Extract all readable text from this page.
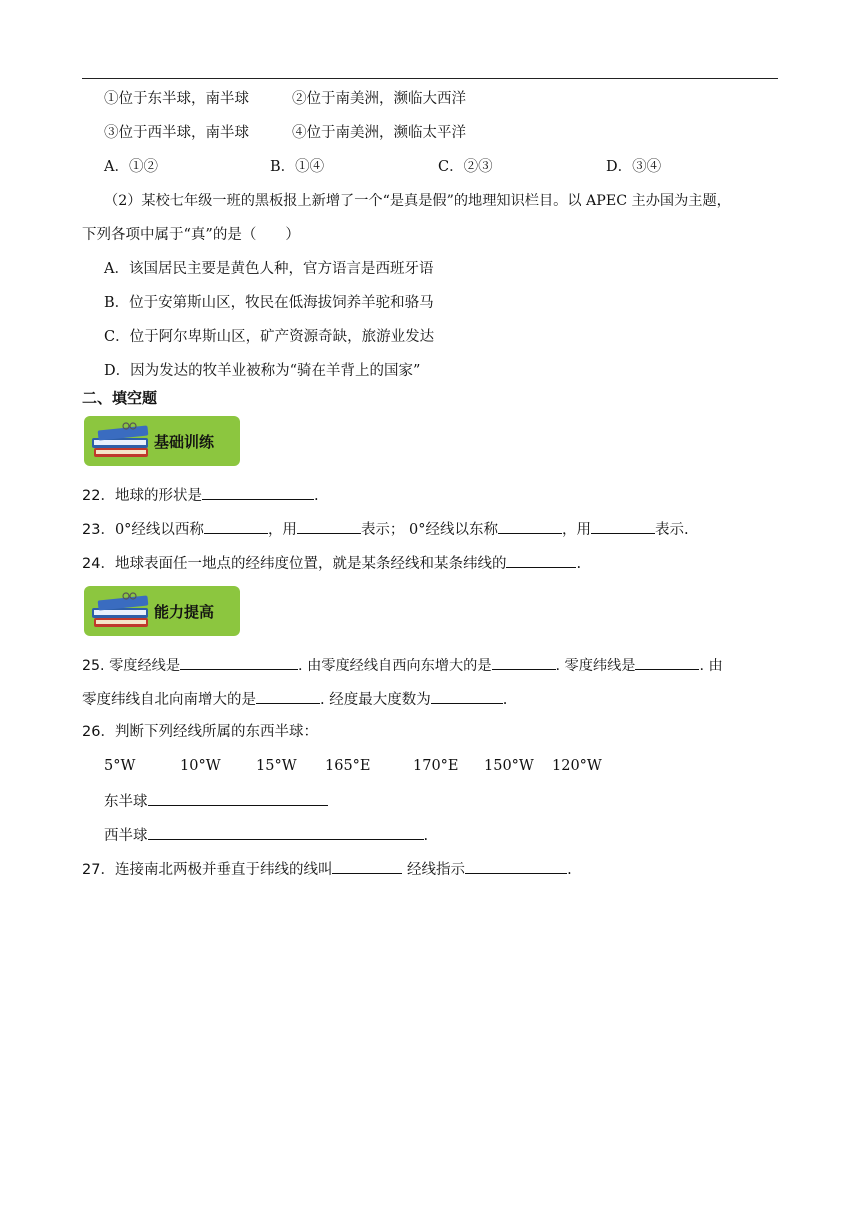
①位于东半球，南半球	②位于南美洲，濒临大西洋
③位于西半球，南半球	④位于南美洲，濒临太平洋
A．①②	B．①④	C．②③	D．③④
（2）某校七年级一班的黑板报上新增了一个“是真是假”的地理知识栏目。以 APEC 主办国为主题，
下列各项中属于“真”的是（　　）
A．该国居民主要是黄色人种，官方语言是西班牙语
B．位于安第斯山区，牧民在低海拔饲养羊驼和骆马
C．位于阿尔卑斯山区，矿产资源奇缺，旅游业发达
D．因为发达的牧羊业被称为“骑在羊背上的国家”
二、填空题
基础训练
22．地球的形状是	.
23．0°经线以西称	，用	表示； 0°经线以东称	，用	表示.
24．地球表面任一地点的经纬度位置，就是某条经线和某条纬线的	.
能力提高
25. 零度经线是	. 由零度经线自西向东增大的是	. 零度纬线是	. 由
零度纬线自北向南增大的是	. 经度最大度数为	.
26．判断下列经线所属的东西半球：
5°W	10°W 15°W 165°E	170°E 150°W 120°W
东半球
西半球	.
27．连接南北两极并垂直于纬线的线叫	经线指示	.
